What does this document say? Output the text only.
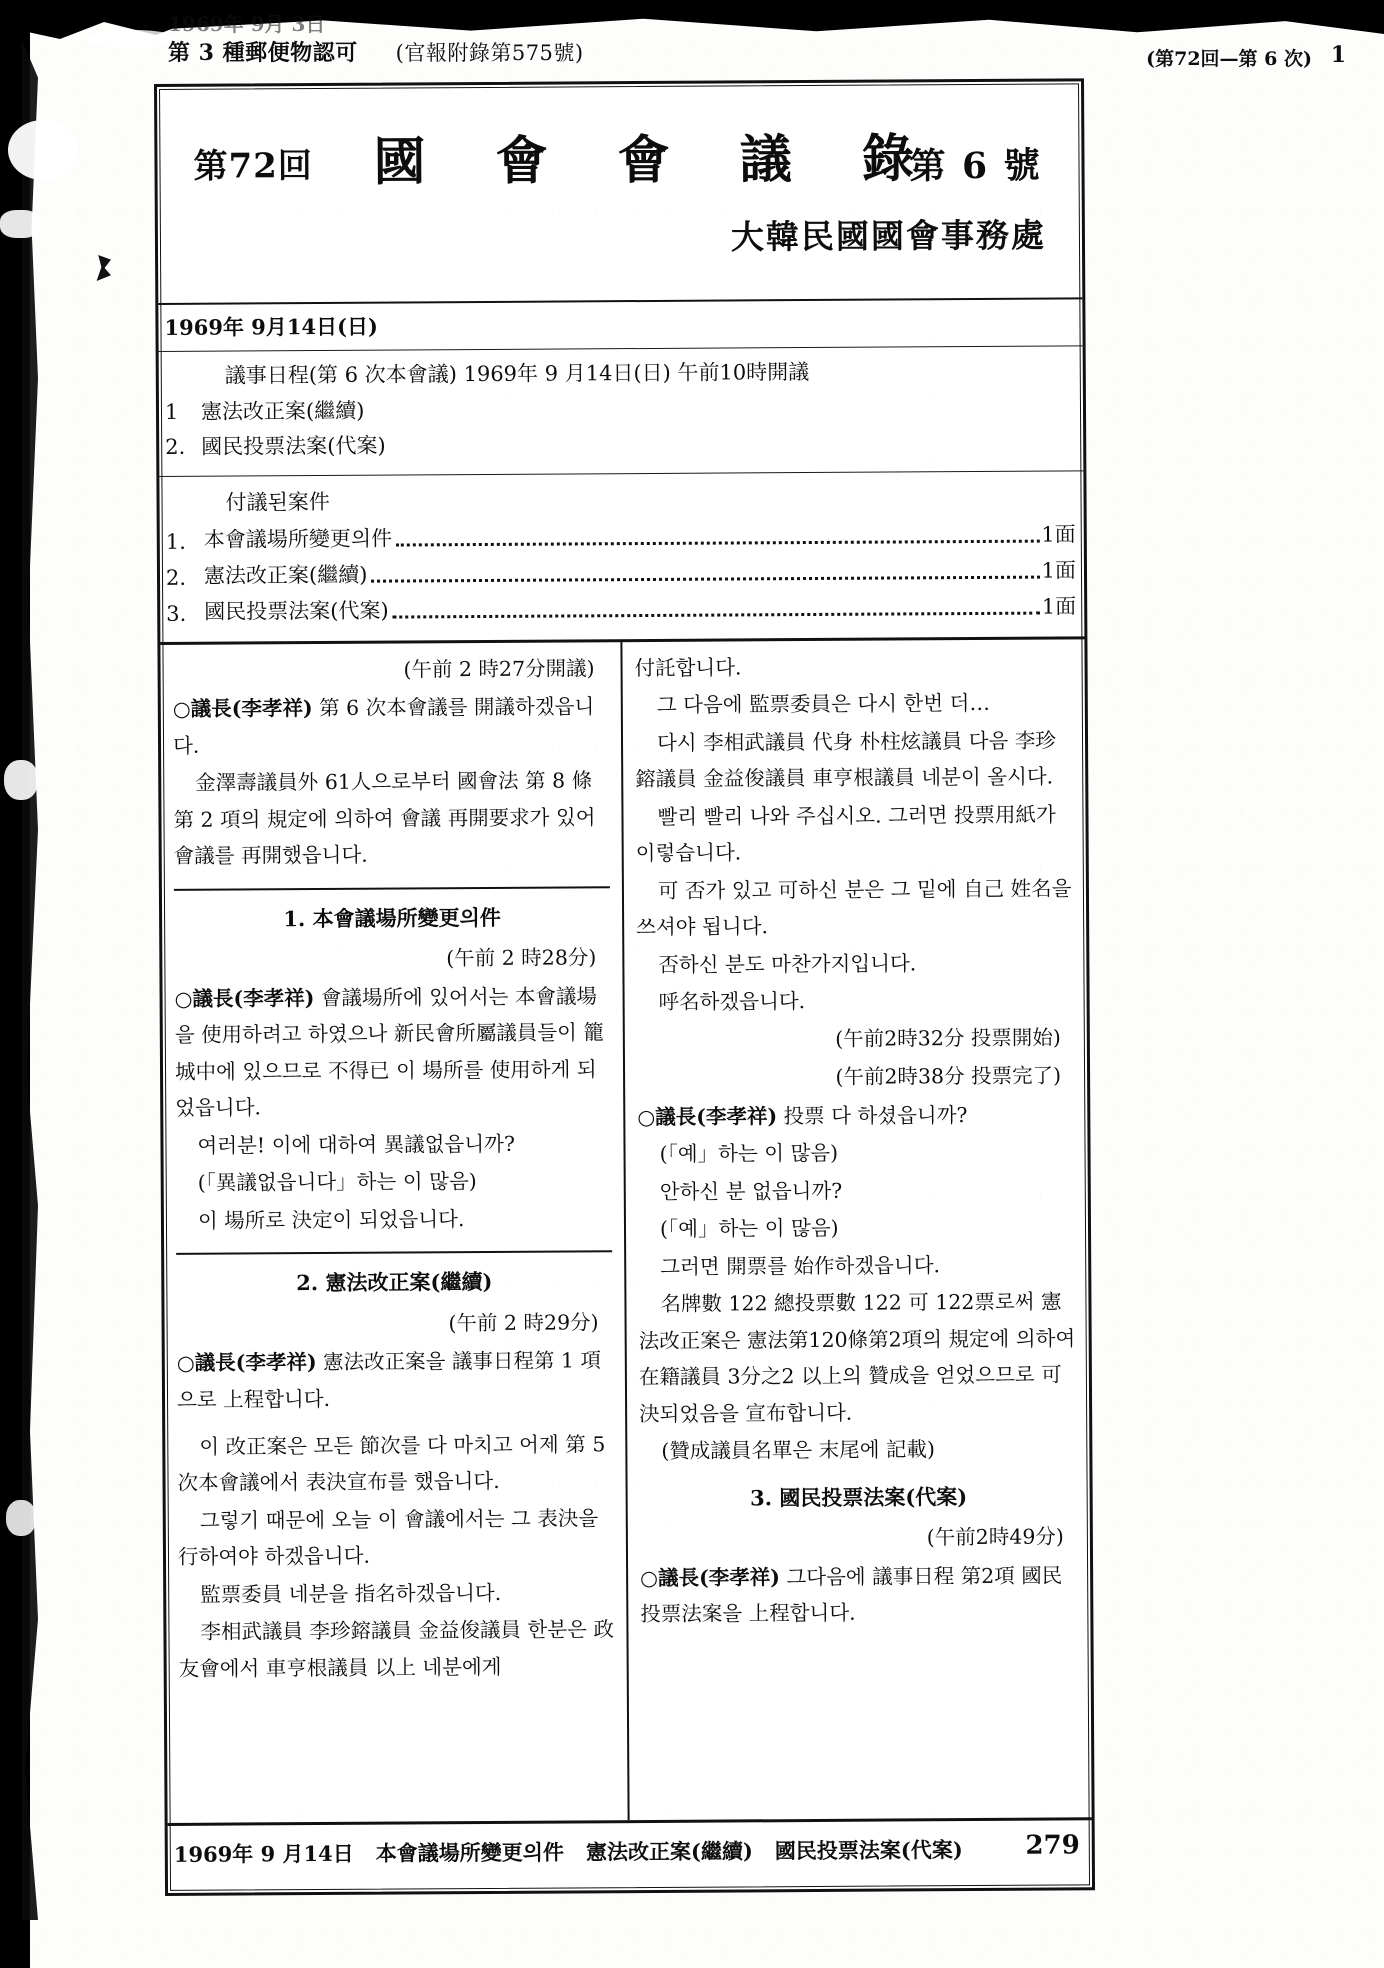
1969年 9月 3日
第 3 種郵便物認可 (官報附錄第575號)	(第72回—第 6 次) 1
第72回 國 會 會 議 錄
第 6 號
大韓民國國會事務處
1969年 9月14日(日)
議事日程(第 6 次本會議) 1969年 9 月14日(日) 午前10時開議
1 憲法改正案(繼續)
2. 國民投票法案(代案)
付議된案件
1. 本會議場所變更의件	1面
2. 憲法改正案(繼續)	1面
3. 國民投票法案(代案)	1面

(午前 2 時27分開議)

○議長(李孝祥) 第 6 次本會議를 開議하겠읍니다.

金澤壽議員外 61人으로부터 國會法 第 8 條第 2 項의 規定에 의하여 會議 再開要求가 있어 會議를 再開했읍니다.

1. 本會議場所變更의件

(午前 2 時28分)

○議長(李孝祥) 會議場所에 있어서는 本會議場을 使用하려고 하였으나 新民會所屬議員들이 籠城中에 있으므로 不得已 이 場所를 使用하게 되었읍니다.

여러분! 이에 대하여 異議없읍니까?

(「異議없읍니다」하는 이 많음)

이 場所로 決定이 되었읍니다.

2. 憲法改正案(繼續)

(午前 2 時29分)

○議長(李孝祥) 憲法改正案을 議事日程第 1 項으로 上程합니다.

이 改正案은 모든 節次를 다 마치고 어제 第 5 次本會議에서 表決宣布를 했읍니다.

그렇기 때문에 오늘 이 會議에서는 그 表決을 行하여야 하겠읍니다.

監票委員 네분을 指名하겠읍니다.

李相武議員 李珍鎔議員 金益俊議員 한분은 政友會에서 車亨根議員 以上 네분에게

付託합니다.

그 다음에 監票委員은 다시 한번 더…

다시 李相武議員 代身 朴柱炫議員 다음 李珍鎔議員 金益俊議員 車亨根議員 네분이 올시다.

빨리 빨리 나와 주십시오. 그러면 投票用紙가 이렇습니다.

可 否가 있고 可하신 분은 그 밑에 自己 姓名을 쓰셔야 됩니다.

否하신 분도 마찬가지입니다.

呼名하겠읍니다.

(午前2時32分 投票開始)

(午前2時38分 投票完了)

○議長(李孝祥) 投票 다 하셨읍니까?

(「예」하는 이 많음)

안하신 분 없읍니까?

(「예」하는 이 많음)

그러면 開票를 始作하겠읍니다.

名牌數 122 總投票數 122 可 122票로써 憲法改正案은 憲法第120條第2項의 規定에 의하여 在籍議員 3分之2 以上의 贊成을 얻었으므로 可決되었음을 宣布합니다.

(贊成議員名單은 末尾에 記載)

3. 國民投票法案(代案)

(午前2時49分)

○議長(李孝祥) 그다음에 議事日程 第2項 國民投票法案을 上程합니다.

1969年 9 月14日 本會議場所變更의件 憲法改正案(繼續) 國民投票法案(代案) 279
